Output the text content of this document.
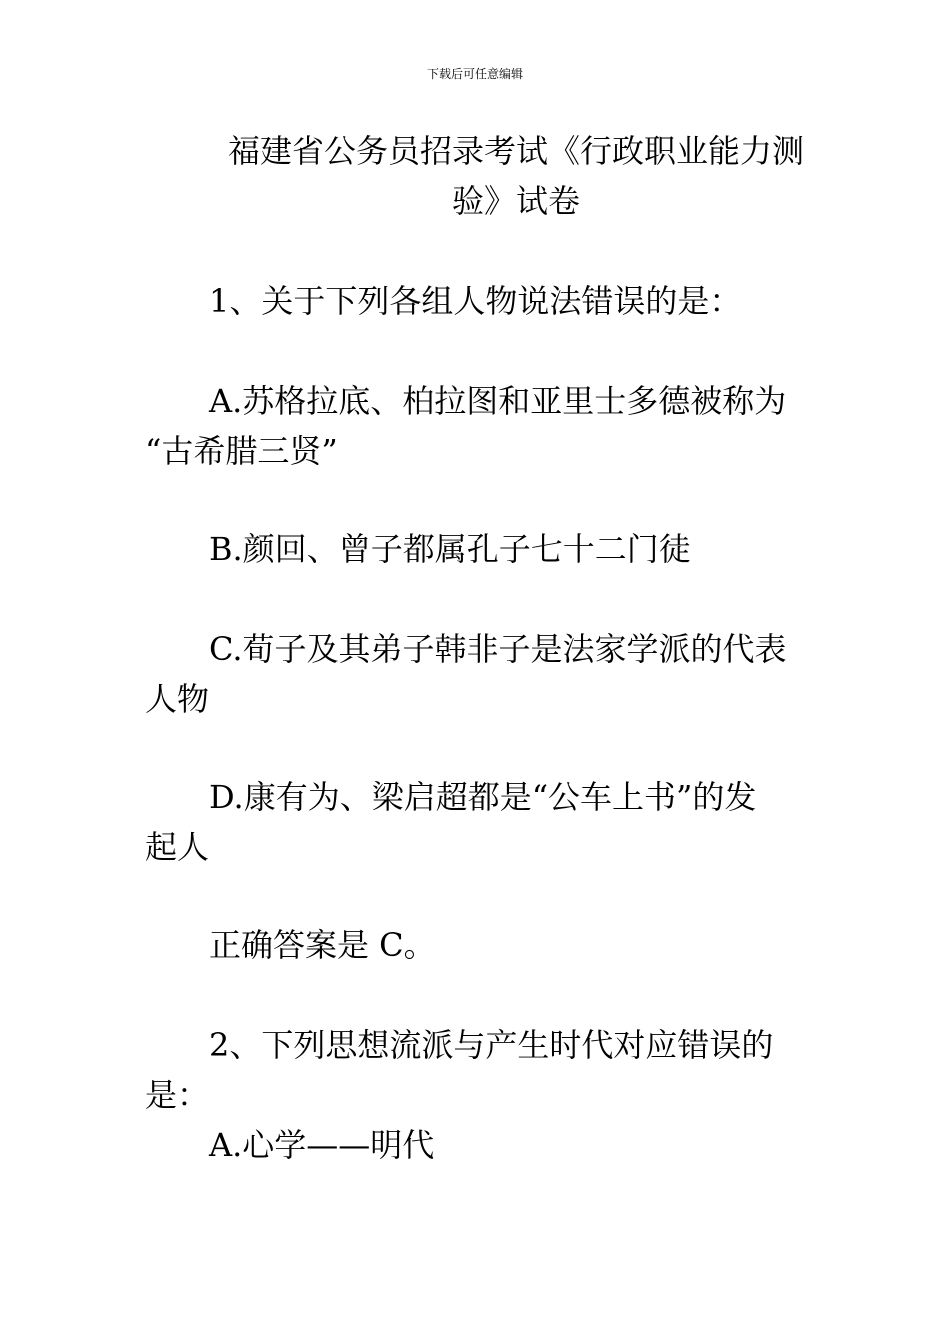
下载后可任意编辑
福建省公务员招录考试《行政职业能力测
验》试卷

1、关于下列各组人物说法错误的是：

A.苏格拉底、柏拉图和亚里士多德被称为
“古希腊三贤”

B.颜回、曾子都属孔子七十二门徒

C.荀子及其弟子韩非子是法家学派的代表
人物
D.康有为、梁启超都是“公车上书”的发
起人

正确答案是 C。

2、下列思想流派与产生时代对应错误的是：

A.心学——明代
